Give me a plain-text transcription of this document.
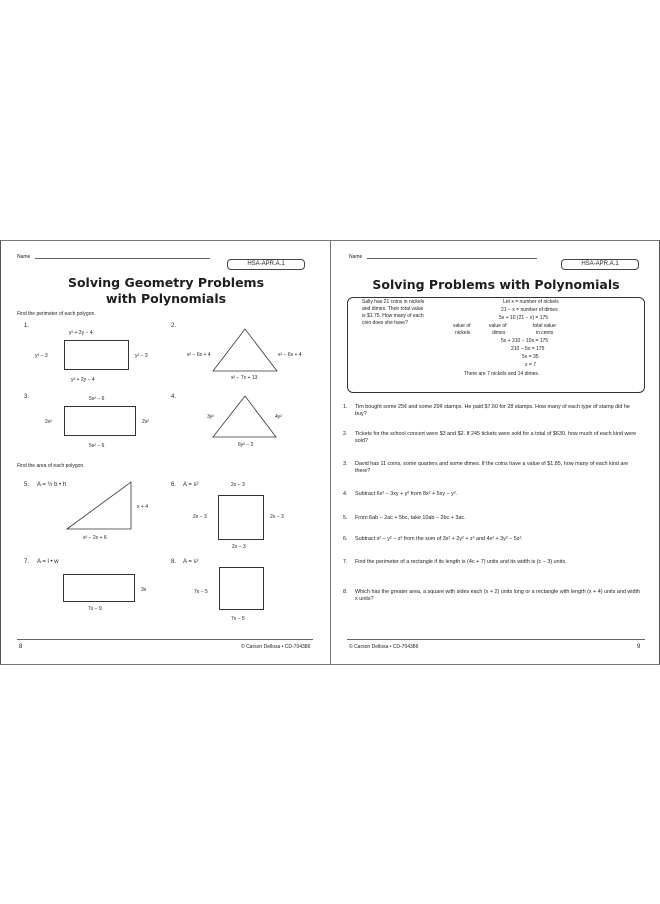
Name
HSA-APR.A.1
Solving Geometry Problems
with Polynomials
Find the perimeter of each polygon.
1.
y² + 2y − 4
y² − 3	y² − 3
y² + 2y − 4
2.
x² − 6x + 4	x² − 6x + 4
x² − 7x + 13
3.	5x² − 6
2x²	2x²
5x² − 6
4.
3y²	4y²
6y² − 2
Find the area of each polygon.
5. A = ½ b • h
x + 4
x² − 2x + 6
6. A = s²	2x − 3
2x − 3	2x − 3
2x − 3
7. A = l • w
3x
7x − 9
8. A = s²
7x − 5
7x − 5
8	© Carson Dellosa • CD-704386
Name
HSA-APR.A.1
Solving Problems with Polynomials
Sally has 21 coins in nickels
and dimes. Their total value
is $1.75. How many of each
coin does she have?
Let x = number of nickels
21 − x = number of dimes
5x + 10 (21 − x) = 175
value of
nickels
value of
dimes
total value
in cents
5x + 210 − 10x = 175
210 − 5x = 175
5x = 35
x = 7
There are 7 nickels and 14 dimes.
1. Tim bought some 25¢ and some 29¢ stamps. He paid $7.60 for 28 stamps. How many of each type of stamp did he buy?
2. Tickets for the school concert were $3 and $2. If 245 tickets were sold for a total of $630, how much of each kind were sold?
3. David has 11 coins, some quarters and some dimes. If the coins have a value of $1.85, how many of each kind are there?
4. Subtract 6x² − 3xy + y² from 8x² + 5xy − y².
5. From 6ab − 2ac + 5bc, take 10ab − 2bc + 3ac.
6. Subtract x² − y² − z² from the sum of 3x² + 2y² + z² and 4x² + 3y² − 5z².
7. Find the perimeter of a rectangle if its length is (4c + 7) units and its width is (c − 3) units.
8. Which has the greater area, a square with sides each (x + 2) units long or a rectangle with length (x + 4) units and width x units?
© Carson Dellosa • CD-704386	9
